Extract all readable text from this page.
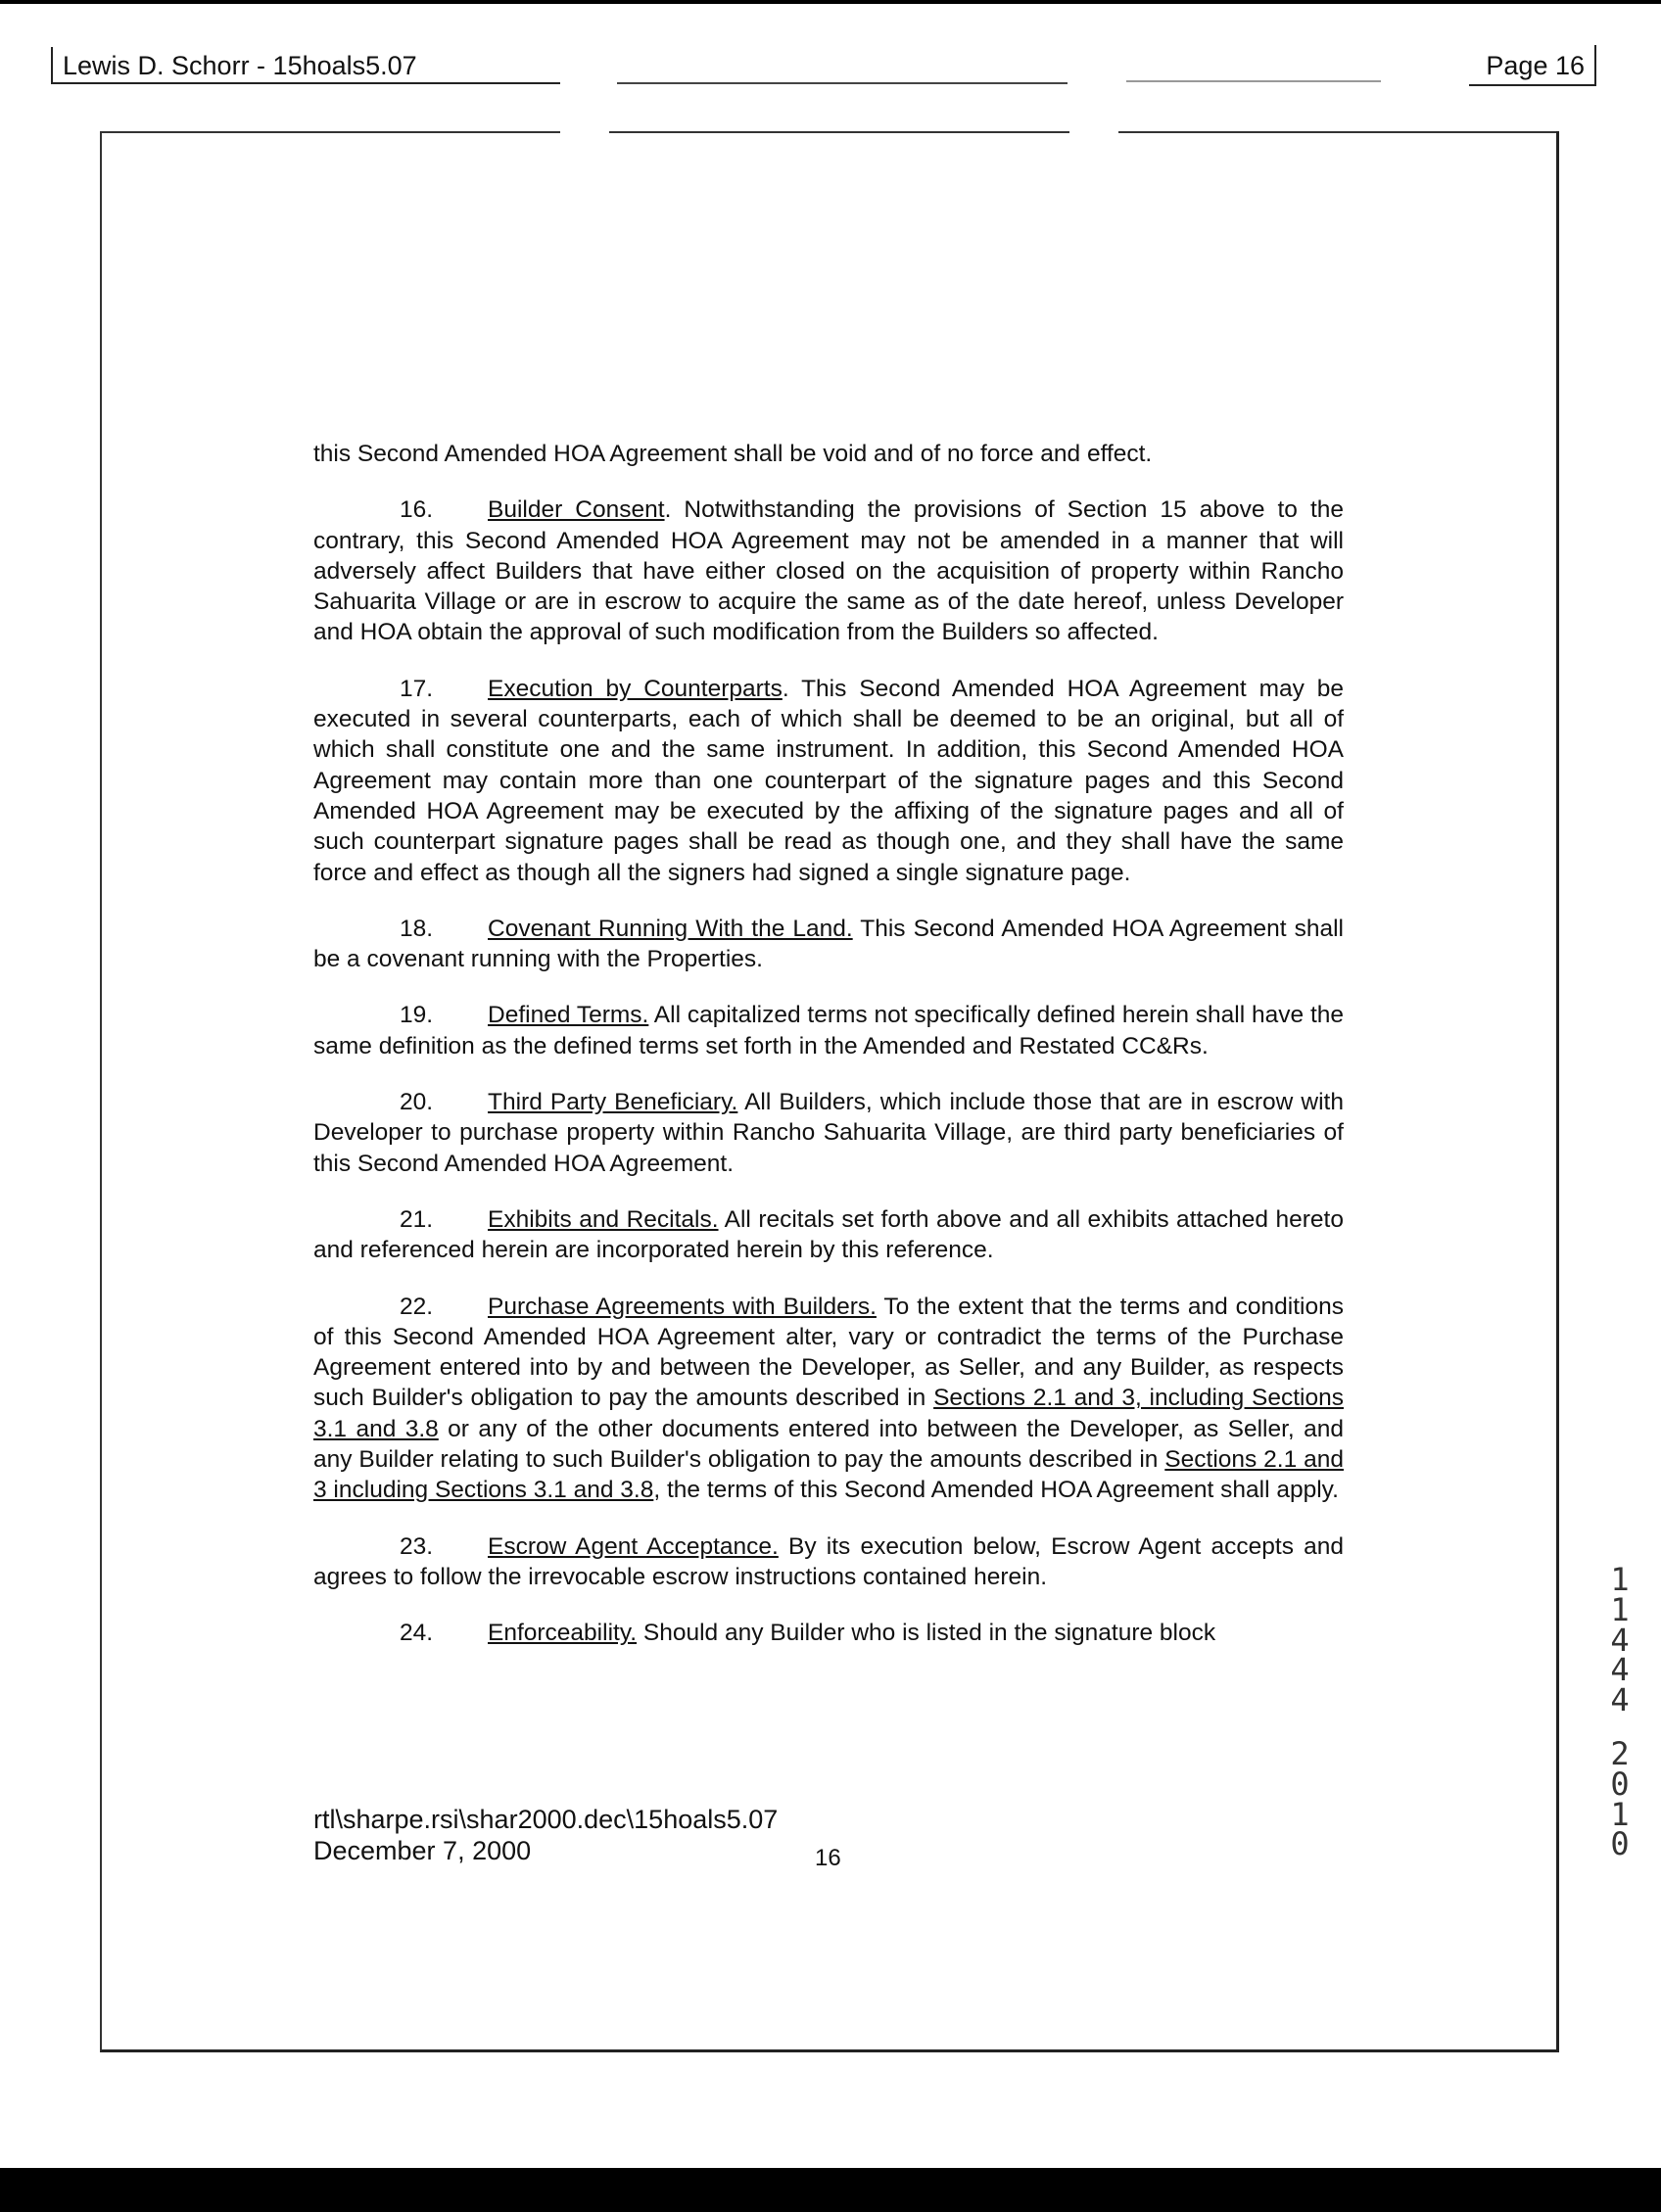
Lewis D. Schorr - 15hoals5.07	Page 16

this Second Amended HOA Agreement shall be void and of no force and effect.

16. Builder Consent. Notwithstanding the provisions of Section 15 above to the contrary, this Second Amended HOA Agreement may not be amended in a manner that will adversely affect Builders that have either closed on the acquisition of property within Rancho Sahuarita Village or are in escrow to acquire the same as of the date hereof, unless Developer and HOA obtain the approval of such modification from the Builders so affected.

17. Execution by Counterparts. This Second Amended HOA Agreement may be executed in several counterparts, each of which shall be deemed to be an original, but all of which shall constitute one and the same instrument. In addition, this Second Amended HOA Agreement may contain more than one counterpart of the signature pages and this Second Amended HOA Agreement may be executed by the affixing of the signature pages and all of such counterpart signature pages shall be read as though one, and they shall have the same force and effect as though all the signers had signed a single signature page.

18. Covenant Running With the Land. This Second Amended HOA Agreement shall be a covenant running with the Properties.

19. Defined Terms. All capitalized terms not specifically defined herein shall have the same definition as the defined terms set forth in the Amended and Restated CC&Rs.

20. Third Party Beneficiary. All Builders, which include those that are in escrow with Developer to purchase property within Rancho Sahuarita Village, are third party beneficiaries of this Second Amended HOA Agreement.

21. Exhibits and Recitals. All recitals set forth above and all exhibits attached hereto and referenced herein are incorporated herein by this reference.

22. Purchase Agreements with Builders. To the extent that the terms and conditions of this Second Amended HOA Agreement alter, vary or contradict the terms of the Purchase Agreement entered into by and between the Developer, as Seller, and any Builder, as respects such Builder's obligation to pay the amounts described in Sections 2.1 and 3, including Sections 3.1 and 3.8 or any of the other documents entered into between the Developer, as Seller, and any Builder relating to such Builder's obligation to pay the amounts described in Sections 2.1 and 3 including Sections 3.1 and 3.8, the terms of this Second Amended HOA Agreement shall apply.

23. Escrow Agent Acceptance. By its execution below, Escrow Agent accepts and agrees to follow the irrevocable escrow instructions contained herein.

24. Enforceability. Should any Builder who is listed in the signature block

rtl\sharpe.rsi\shar2000.dec\15hoals5.07
December 7, 2000	16
1
1
4
4
4
2
0
1
0
